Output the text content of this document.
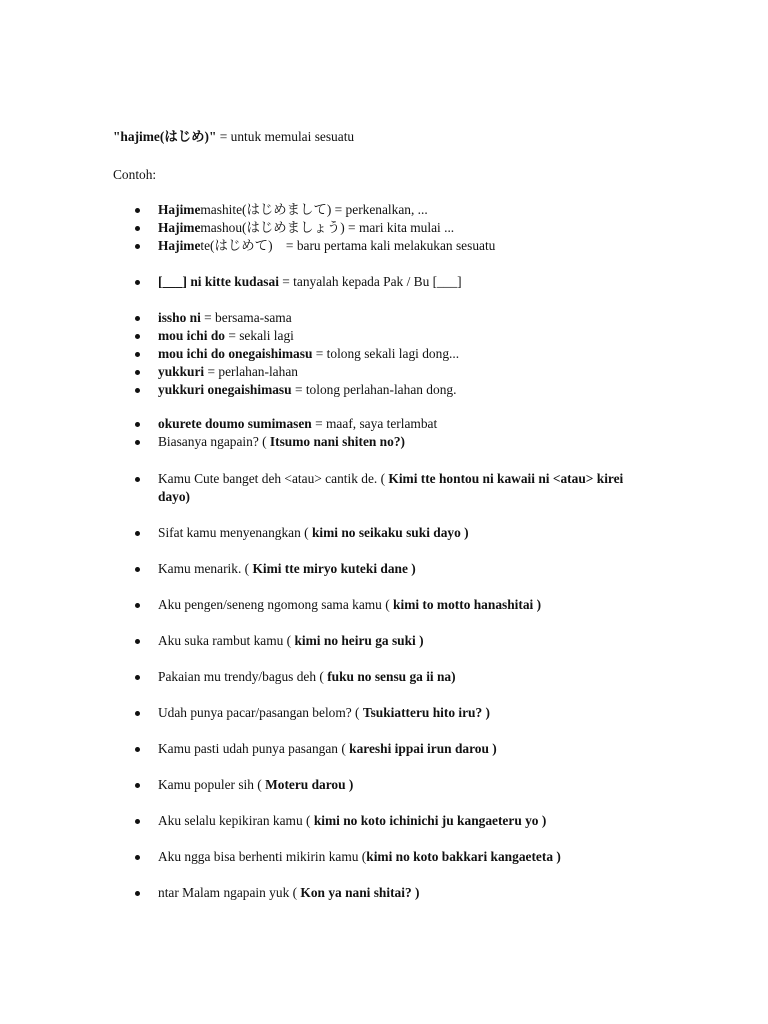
"hajime(はじめ)" = untuk memulai sesuatu
Contoh:
Hajimemashite(はじめまして) = perkenalkan, ...
Hajimemashou(はじめましょう) = mari kita mulai ...
Hajimete(はじめて)　= baru pertama kali melakukan sesuatu
[___] ni kitte kudasai = tanyalah kepada Pak / Bu [___]
issho ni = bersama-sama
mou ichi do = sekali lagi
mou ichi do onegaishimasu = tolong sekali lagi dong...
yukkuri = perlahan-lahan
yukkuri onegaishimasu = tolong perlahan-lahan dong.
okurete doumo sumimasen = maaf, saya terlambat
Biasanya ngapain? ( Itsumo nani shiten no?)
Kamu Cute banget deh <atau> cantik de. ( Kimi tte hontou ni kawaii ni <atau> kirei dayo)
Sifat kamu menyenangkan ( kimi no seikaku suki dayo )
Kamu menarik. ( Kimi tte miryo kuteki dane )
Aku pengen/seneng ngomong sama kamu ( kimi to motto hanashitai )
Aku suka rambut kamu ( kimi no heiru ga suki )
Pakaian mu trendy/bagus deh ( fuku no sensu ga ii na)
Udah punya pacar/pasangan belom? ( Tsukiatteru hito iru? )
Kamu pasti udah punya pasangan ( kareshi ippai irun darou )
Kamu populer sih ( Moteru darou )
Aku selalu kepikiran kamu ( kimi no koto ichinichi ju kangaeteru yo )
Aku ngga bisa berhenti mikirin kamu (kimi no koto bakkari kangaeteta )
ntar Malam ngapain yuk ( Kon ya nani shitai? )
